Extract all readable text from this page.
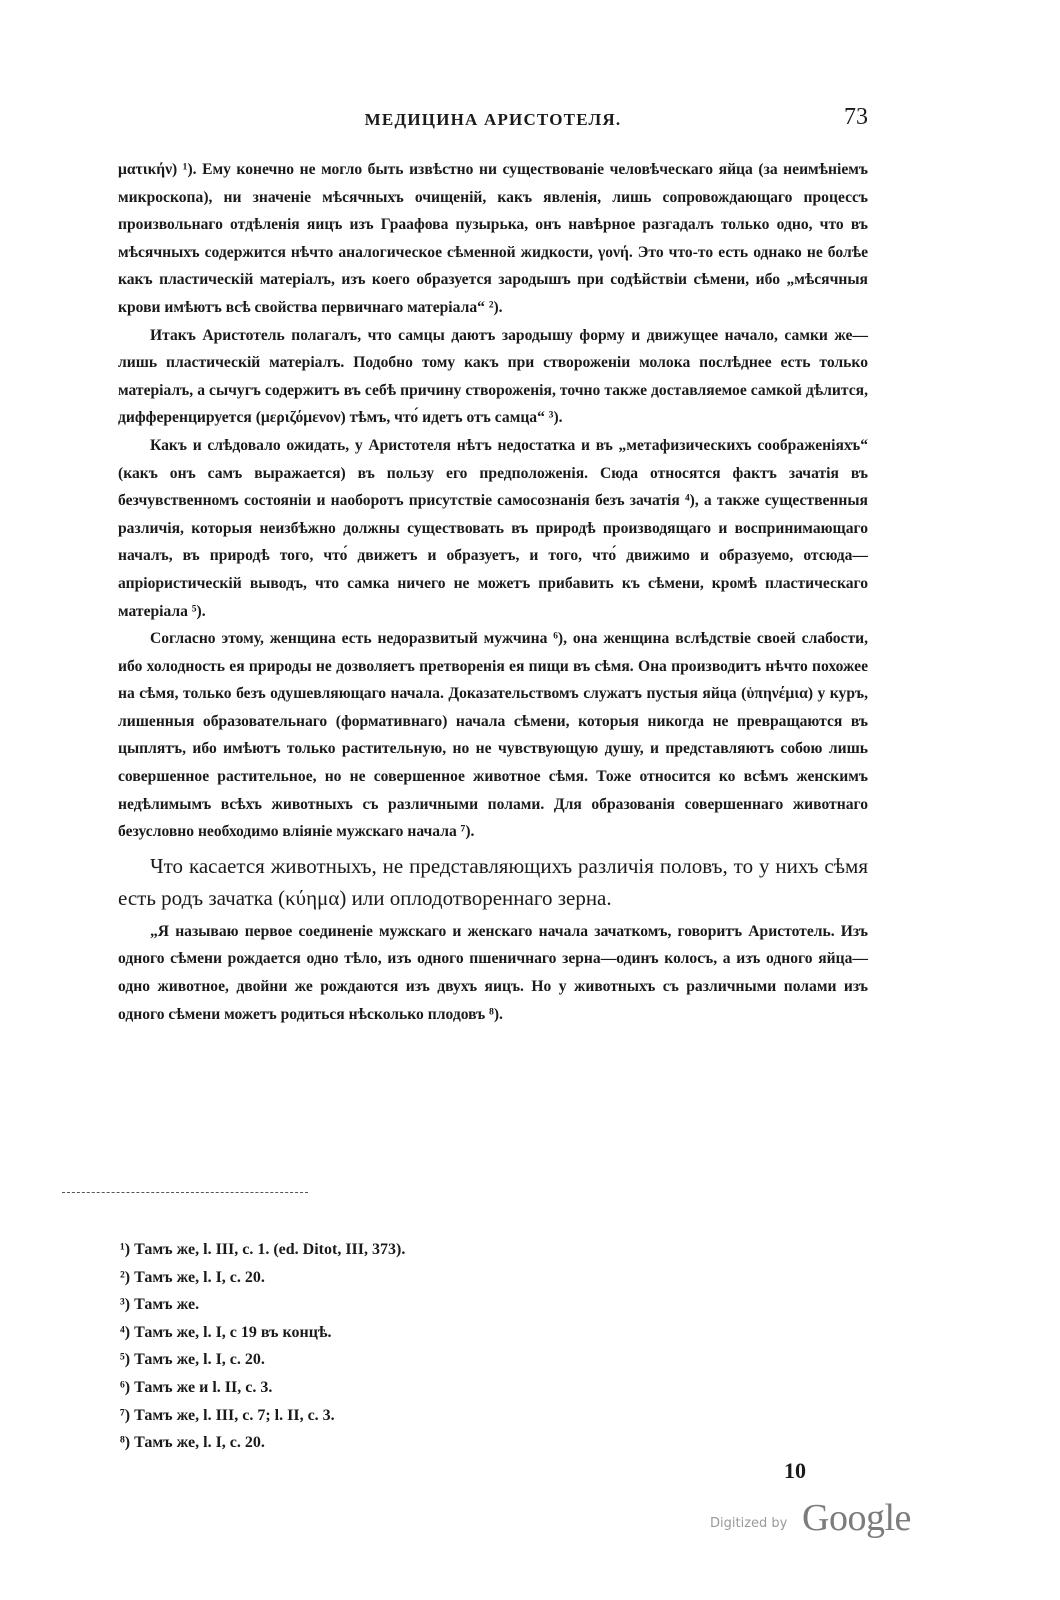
МЕДИЦИНА АРИСТОТЕЛЯ.	73

ματικήν) ¹). Ему конечно не могло быть извѣстно ни существованіе человѣческаго яйца (за неимѣніемъ микроскопа), ни значеніе мѣсячныхъ очищеній, какъ явленія, лишь сопровождающаго процессъ произвольнаго отдѣленія яицъ изъ Граафова пузырька, онъ навѣрное разгадалъ только одно, что въ мѣсячныхъ содержится нѣчто аналогическое сѣменной жидкости, γονή. Это что-то есть однако не болѣе какъ пластическій матеріалъ, изъ коего образуется зародышъ при содѣйствіи сѣмени, ибо „мѣсячныя крови имѣютъ всѣ свойства первичнаго матеріала“ ²).

Итакъ Аристотель полагалъ, что самцы даютъ зародышу форму и движущее начало, самки же—лишь пластическій матеріалъ. Подобно тому какъ при створоженіи молока послѣднее есть только матеріалъ, а сычугъ содержитъ въ себѣ причину створоженія, точно также доставляемое самкой дѣлится, дифференцируется (μεριζόμενον) тѣмъ, что́ идетъ отъ самца“ ³).

Какъ и слѣдовало ожидать, у Аристотеля нѣтъ недостатка и въ „метафизическихъ соображеніяхъ“ (какъ онъ самъ выражается) въ пользу его предположенія. Сюда относятся фактъ зачатія въ безчувственномъ состояніи и наоборотъ присутствіе самосознанія безъ зачатія ⁴), а также существенныя различія, которыя неизбѣжно должны существовать въ природѣ производящаго и воспринимающаго началъ, въ природѣ того, что́ движетъ и образуетъ, и того, что́ движимо и образуемо, отсюда—апріористическій выводъ, что самка ничего не можетъ прибавить къ сѣмени, кромѣ пластическаго матеріала ⁵).

Согласно этому, женщина есть недоразвитый мужчина ⁶), она женщина вслѣдствіе своей слабости, ибо холодность ея природы не дозволяетъ претворенія ея пищи въ сѣмя. Она производитъ нѣчто похожее на сѣмя, только безъ одушевляющаго начала. Доказательствомъ служатъ пустыя яйца (ὑπηνέμια) у куръ, лишенныя образовательнаго (формативнаго) начала сѣмени, которыя никогда не превращаются въ цыплятъ, ибо имѣютъ только растительную, но не чувствующую душу, и представляютъ собою лишь совершенное растительное, но не совершенное животное сѣмя. Тоже относится ко всѣмъ женскимъ недѣлимымъ всѣхъ животныхъ съ различными полами. Для образованія совершеннаго животнаго безусловно необходимо вліяніе мужскаго начала ⁷).

Что касается животныхъ, не представляющихъ различія половъ, то у нихъ сѣмя есть родъ зачатка (κύημα) или оплодотвореннаго зерна.

„Я называю первое соединеніе мужскаго и женскаго начала зачаткомъ, говоритъ Аристотель. Изъ одного сѣмени рождается одно тѣло, изъ одного пшеничнаго зерна—одинъ колосъ, а изъ одного яйца—одно животное, двойни же рождаются изъ двухъ яицъ. Но у животныхъ съ различными полами изъ одного сѣмени можетъ родиться нѣсколько плодовъ ⁸).

¹) Тамъ же, l. III, c. 1. (ed. Ditot, III, 373).
²) Тамъ же, l. I, c. 20.
³) Тамъ же.
⁴) Тамъ же, l. I, c 19 въ концѣ.
⁵) Тамъ же, l. I, c. 20.
⁶) Тамъ же и l. II, c. 3.
⁷) Тамъ же, l. III, c. 7; l. II, c. 3.
⁸) Тамъ же, l. I, c. 20.
10
Digitized by Google
